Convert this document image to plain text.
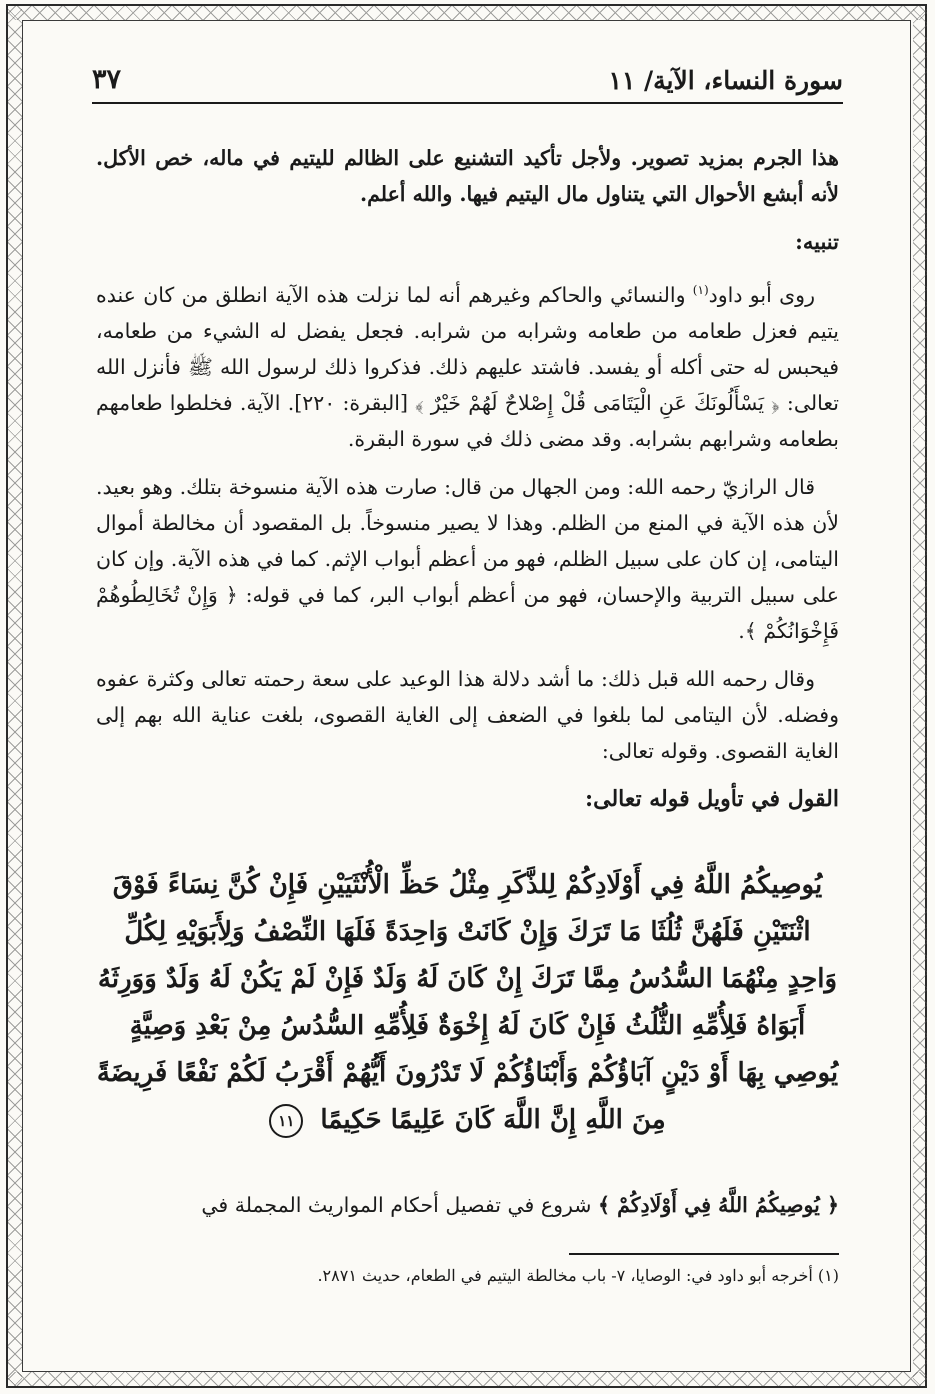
سورة النساء، الآية/ ١١
٣٧

هذا الجرم بمزيد تصوير. ولأجل تأكيد التشنيع على الظالم لليتيم في ماله، خص الأكل. لأنه أبشع الأحوال التي يتناول مال اليتيم فيها. والله أعلم.

تنبيه:

روى أبو داود$^{(١)}$ والنسائي والحاكم وغيرهم أنه لما نزلت هذه الآية انطلق من كان عنده يتيم فعزل طعامه من طعامه وشرابه من شرابه. فجعل يفضل له الشيء من طعامه، فيحبس له حتى أكله أو يفسد. فاشتد عليهم ذلك. فذكروا ذلك لرسول الله ﷺ فأنزل الله تعالى: ﴿ يَسْأَلُونَكَ عَنِ الْيَتَامَى قُلْ إِصْلاحٌ لَهُمْ خَيْرٌ ﴾ [البقرة: ٢٢٠]. الآية. فخلطوا طعامهم بطعامه وشرابهم بشرابه. وقد مضى ذلك في سورة البقرة.

قال الرازيّ رحمه الله: ومن الجهال من قال: صارت هذه الآية منسوخة بتلك. وهو بعيد. لأن هذه الآية في المنع من الظلم. وهذا لا يصير منسوخاً. بل المقصود أن مخالطة أموال اليتامى، إن كان على سبيل الظلم، فهو من أعظم أبواب الإثم. كما في هذه الآية. وإن كان على سبيل التربية والإحسان، فهو من أعظم أبواب البر، كما في قوله: ﴿ وَإِنْ تُخَالِطُوهُمْ فَإِخْوَانُكُمْ ﴾.

وقال رحمه الله قبل ذلك: ما أشد دلالة هذا الوعيد على سعة رحمته تعالى وكثرة عفوه وفضله. لأن اليتامى لما بلغوا في الضعف إلى الغاية القصوى، بلغت عناية الله بهم إلى الغاية القصوى. وقوله تعالى:

القول في تأويل قوله تعالى:

يُوصِيكُمُ اللَّهُ فِي أَوْلَادِكُمْ لِلذَّكَرِ مِثْلُ حَظِّ الْأُنْثَيَيْنِ فَإِنْ كُنَّ نِسَاءً فَوْقَ اثْنَتَيْنِ فَلَهُنَّ ثُلُثَا مَا تَرَكَ وَإِنْ كَانَتْ وَاحِدَةً فَلَهَا النِّصْفُ وَلِأَبَوَيْهِ لِكُلِّ وَاحِدٍ مِنْهُمَا السُّدُسُ مِمَّا تَرَكَ إِنْ كَانَ لَهُ وَلَدٌ فَإِنْ لَمْ يَكُنْ لَهُ وَلَدٌ وَوَرِثَهُ أَبَوَاهُ فَلِأُمِّهِ الثُّلُثُ فَإِنْ كَانَ لَهُ إِخْوَةٌ فَلِأُمِّهِ السُّدُسُ مِنْ بَعْدِ وَصِيَّةٍ يُوصِي بِهَا أَوْ دَيْنٍ آبَاؤُكُمْ وَأَبْنَاؤُكُمْ لَا تَدْرُونَ أَيُّهُمْ أَقْرَبُ لَكُمْ نَفْعًا فَرِيضَةً مِنَ اللَّهِ إِنَّ اللَّهَ كَانَ عَلِيمًا حَكِيمًا ١١
﴿ يُوصِيكُمُ اللَّهُ فِي أَوْلَادِكُمْ ﴾ شروع في تفصيل أحكام المواريث المجملة في
(١) أخرجه أبو داود في: الوصايا، ٧- باب مخالطة اليتيم في الطعام، حديث ٢٨٧١.
